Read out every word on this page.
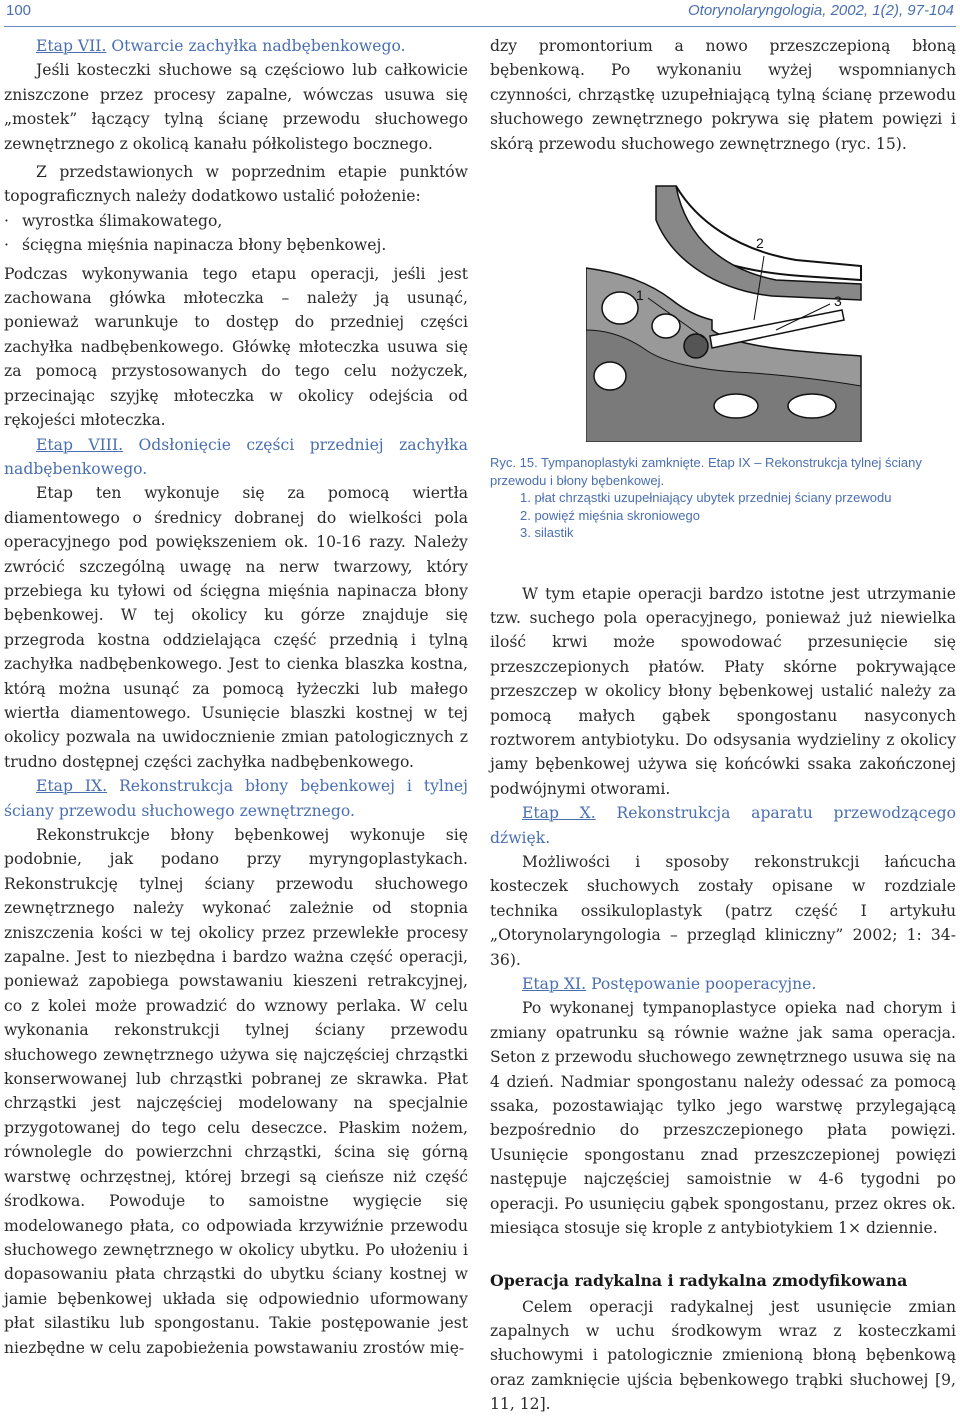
100	Otorynolaryngologia, 2002, 1(2), 97-104

Etap VII. Otwarcie zachyłka nadbębenkowego.

Jeśli kosteczki słuchowe są częściowo lub całkowicie zniszczone przez procesy zapalne, wówczas usuwa się „mostek” łączący tylną ścianę przewodu słuchowego zewnętrznego z okolicą kanału półkolistego bocznego.

Z przedstawionych w poprzednim etapie punktów topograficznych należy dodatkowo ustalić położenie:

· wyrostka ślimakowatego,

· ścięgna mięśnia napinacza błony bębenkowej.

Podczas wykonywania tego etapu operacji, jeśli jest zachowana główka młoteczka – należy ją usunąć, ponieważ warunkuje to dostęp do przedniej części zachyłka nadbębenkowego. Główkę młoteczka usuwa się za pomocą przystosowanych do tego celu nożyczek, przecinając szyjkę młoteczka w okolicy odejścia od rękojeści młoteczka.

Etap VIII. Odsłonięcie części przedniej zachyłka nadbębenkowego.

Etap ten wykonuje się za pomocą wiertła diamentowego o średnicy dobranej do wielkości pola operacyjnego pod powiększeniem ok. 10-16 razy. Należy zwrócić szczególną uwagę na nerw twarzowy, który przebiega ku tyłowi od ścięgna mięśnia napinacza błony bębenkowej. W tej okolicy ku górze znajduje się przegroda kostna oddzielająca część przednią i tylną zachyłka nadbębenkowego. Jest to cienka blaszka kostna, którą można usunąć za pomocą łyżeczki lub małego wiertła diamentowego. Usunięcie blaszki kostnej w tej okolicy pozwala na uwidocznienie zmian patologicznych z trudno dostępnej części zachyłka nadbębenkowego.

Etap IX. Rekonstrukcja błony bębenkowej i tylnej ściany przewodu słuchowego zewnętrznego.

Rekonstrukcje błony bębenkowej wykonuje się podobnie, jak podano przy myryngoplastykach. Rekonstrukcję tylnej ściany przewodu słuchowego zewnętrznego należy wykonać zależnie od stopnia zniszczenia kości w tej okolicy przez przewlekłe procesy zapalne. Jest to niezbędna i bardzo ważna część operacji, ponieważ zapobiega powstawaniu kieszeni retrakcyjnej, co z kolei może prowadzić do wznowy perlaka. W celu wykonania rekonstrukcji tylnej ściany przewodu słuchowego zewnętrznego używa się najczęściej chrząstki konserwowanej lub chrząstki pobranej ze skrawka. Płat chrząstki jest najczęściej modelowany na specjalnie przygotowanej do tego celu deseczce. Płaskim nożem, równolegle do powierzchni chrząstki, ścina się górną warstwę ochrzęstnej, której brzegi są cieńsze niż część środkowa. Powoduje to samoistne wygięcie się modelowanego płata, co odpowiada krzywiźnie przewodu słuchowego zewnętrznego w okolicy ubytku. Po ułożeniu i dopasowaniu płata chrząstki do ubytku ściany kostnej w jamie bębenkowej układa się odpowiednio uformowany płat silastiku lub spongostanu. Takie postępowanie jest niezbędne w celu zapobieżenia powstawaniu zrostów mię-

dzy promontorium a nowo przeszczepioną błoną bębenkową. Po wykonaniu wyżej wspomnianych czynności, chrząstkę uzupełniającą tylną ścianę przewodu słuchowego zewnętrznego pokrywa się płatem powięzi i skórą przewodu słuchowego zewnętrznego (ryc. 15).

1
2
3
Ryc. 15. Tympanoplastyki zamknięte. Etap IX – Rekonstrukcja tylnej ściany przewodu i błony bębenkowej.
1. płat chrząstki uzupełniający ubytek przedniej ściany przewodu
2. powięź mięśnia skroniowego
3. silastik

W tym etapie operacji bardzo istotne jest utrzymanie tzw. suchego pola operacyjnego, ponieważ już niewielka ilość krwi może spowodować przesunięcie się przeszczepionych płatów. Płaty skórne pokrywające przeszczep w okolicy błony bębenkowej ustalić należy za pomocą małych gąbek spongostanu nasyconych roztworem antybiotyku. Do odsysania wydzieliny z okolicy jamy bębenkowej używa się końcówki ssaka zakończonej podwójnymi otworami.

Etap X. Rekonstrukcja aparatu przewodzącego dźwięk.

Możliwości i sposoby rekonstrukcji łańcucha kosteczek słuchowych zostały opisane w rozdziale technika ossikuloplastyk (patrz część I artykułu „Otorynolaryngologia – przegląd kliniczny” 2002; 1: 34-36).

Etap XI. Postępowanie pooperacyjne.

Po wykonanej tympanoplastyce opieka nad chorym i zmiany opatrunku są równie ważne jak sama operacja. Seton z przewodu słuchowego zewnętrznego usuwa się na 4 dzień. Nadmiar spongostanu należy odessać za pomocą ssaka, pozostawiając tylko jego warstwę przylegającą bezpośrednio do przeszczepionego płata powięzi. Usunięcie spongostanu znad przeszczepionej powięzi następuje najczęściej samoistnie w 4-6 tygodni po operacji. Po usunięciu gąbek spongostanu, przez okres ok. miesiąca stosuje się krople z antybiotykiem 1× dziennie.

Operacja radykalna i radykalna zmodyfikowana

Celem operacji radykalnej jest usunięcie zmian zapalnych w uchu środkowym wraz z kosteczkami słuchowymi i patologicznie zmienioną błoną bębenkową oraz zamknięcie ujścia bębenkowego trąbki słuchowej [9, 11, 12].
